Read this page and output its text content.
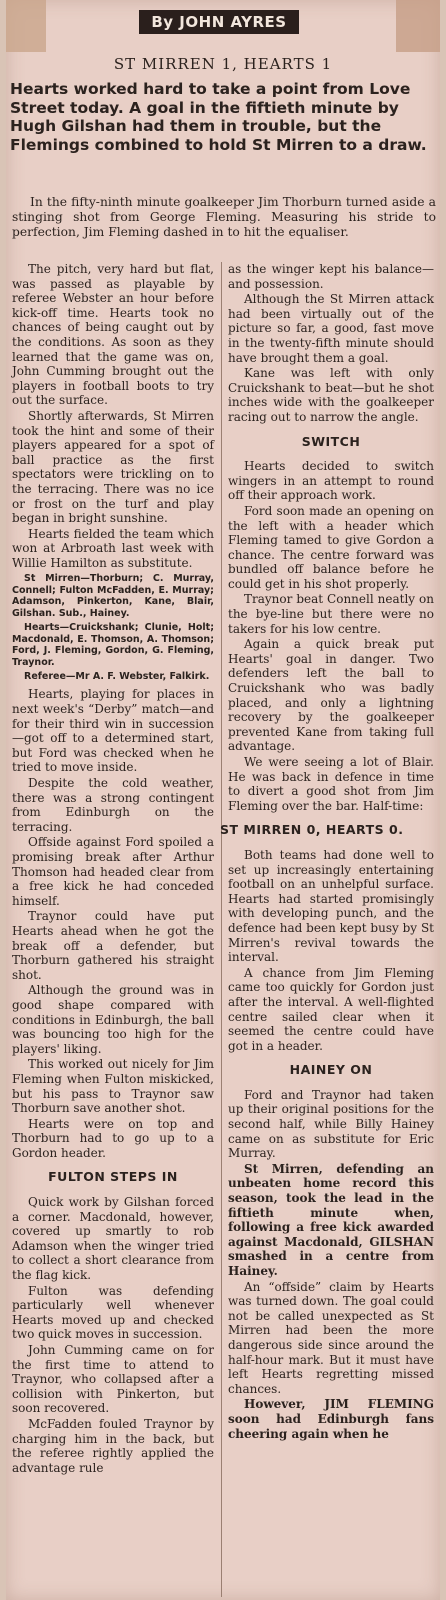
By JOHN AYRES
ST MIRREN 1, HEARTS 1
Hearts worked hard to take a point from Love Street today. A goal in the fiftieth minute by Hugh Gilshan had them in trouble, but the Flemings combined to hold St Mirren to a draw.
In the fifty-ninth minute goalkeeper Jim Thorburn turned aside a stinging shot from George Fleming. Measuring his stride to perfection, Jim Fleming dashed in to hit the equaliser.

The pitch, very hard but flat, was passed as playable by referee Webster an hour before kick-off time. Hearts took no chances of being caught out by the conditions. As soon as they learned that the game was on, John Cumming brought out the players in football boots to try out the surface.

Shortly afterwards, St Mirren took the hint and some of their players appeared for a spot of ball practice as the first spectators were trickling on to the terracing. There was no ice or frost on the turf and play began in bright sunshine.

Hearts fielded the team which won at Arbroath last week with Willie Hamilton as substitute.

St Mirren—Thorburn; C. Murray, Connell; Fulton McFadden, E. Murray; Adamson, Pinkerton, Kane, Blair, Gilshan. Sub., Hainey.

Hearts—Cruickshank; Clunie, Holt; Macdonald, E. Thomson, A. Thomson; Ford, J. Fleming, Gordon, G. Fleming, Traynor.

Referee—Mr A. F. Webster, Falkirk.

Hearts, playing for places in next week's “Derby” match—and for their third win in succession—got off to a determined start, but Ford was checked when he tried to move inside.

Despite the cold weather, there was a strong contingent from Edinburgh on the terracing.

Offside against Ford spoiled a promising break after Arthur Thomson had headed clear from a free kick he had conceded himself.

Traynor could have put Hearts ahead when he got the break off a defender, but Thorburn gathered his straight shot.

Although the ground was in good shape compared with conditions in Edinburgh, the ball was bouncing too high for the players' liking.

This worked out nicely for Jim Fleming when Fulton miskicked, but his pass to Traynor saw Thorburn save another shot.

Hearts were on top and Thorburn had to go up to a Gordon header.

FULTON STEPS IN

Quick work by Gilshan forced a corner. Macdonald, however, covered up smartly to rob Adamson when the winger tried to collect a short clearance from the flag kick.

Fulton was defending particularly well whenever Hearts moved up and checked two quick moves in succession.

John Cumming came on for the first time to attend to Traynor, who collapsed after a collision with Pinkerton, but soon recovered.

McFadden fouled Traynor by charging him in the back, but the referee rightly applied the advantage rule

as the winger kept his balance—and possession.

Although the St Mirren attack had been virtually out of the picture so far, a good, fast move in the twenty-fifth minute should have brought them a goal.

Kane was left with only Cruickshank to beat—but he shot inches wide with the goalkeeper racing out to narrow the angle.

SWITCH

Hearts decided to switch wingers in an attempt to round off their approach work.

Ford soon made an opening on the left with a header which Fleming tamed to give Gordon a chance. The centre forward was bundled off balance before he could get in his shot properly.

Traynor beat Connell neatly on the bye-line but there were no takers for his low centre.

Again a quick break put Hearts' goal in danger. Two defenders left the ball to Cruickshank who was badly placed, and only a lightning recovery by the goalkeeper prevented Kane from taking full advantage.

We were seeing a lot of Blair. He was back in defence in time to divert a good shot from Jim Fleming over the bar. Half-time:

ST MIRREN 0, HEARTS 0.

Both teams had done well to set up increasingly entertaining football on an unhelpful surface. Hearts had started promisingly with developing punch, and the defence had been kept busy by St Mirren's revival towards the interval.

A chance from Jim Fleming came too quickly for Gordon just after the interval. A well-flighted centre sailed clear when it seemed the centre could have got in a header.

HAINEY ON

Ford and Traynor had taken up their original positions for the second half, while Billy Hainey came on as substitute for Eric Murray.

St Mirren, defending an unbeaten home record this season, took the lead in the fiftieth minute when, following a free kick awarded against Macdonald, GILSHAN smashed in a centre from Hainey.

An “offside” claim by Hearts was turned down. The goal could not be called unexpected as St Mirren had been the more dangerous side since around the half-hour mark. But it must have left Hearts regretting missed chances.

However, JIM FLEMING soon had Edinburgh fans cheering again when he
